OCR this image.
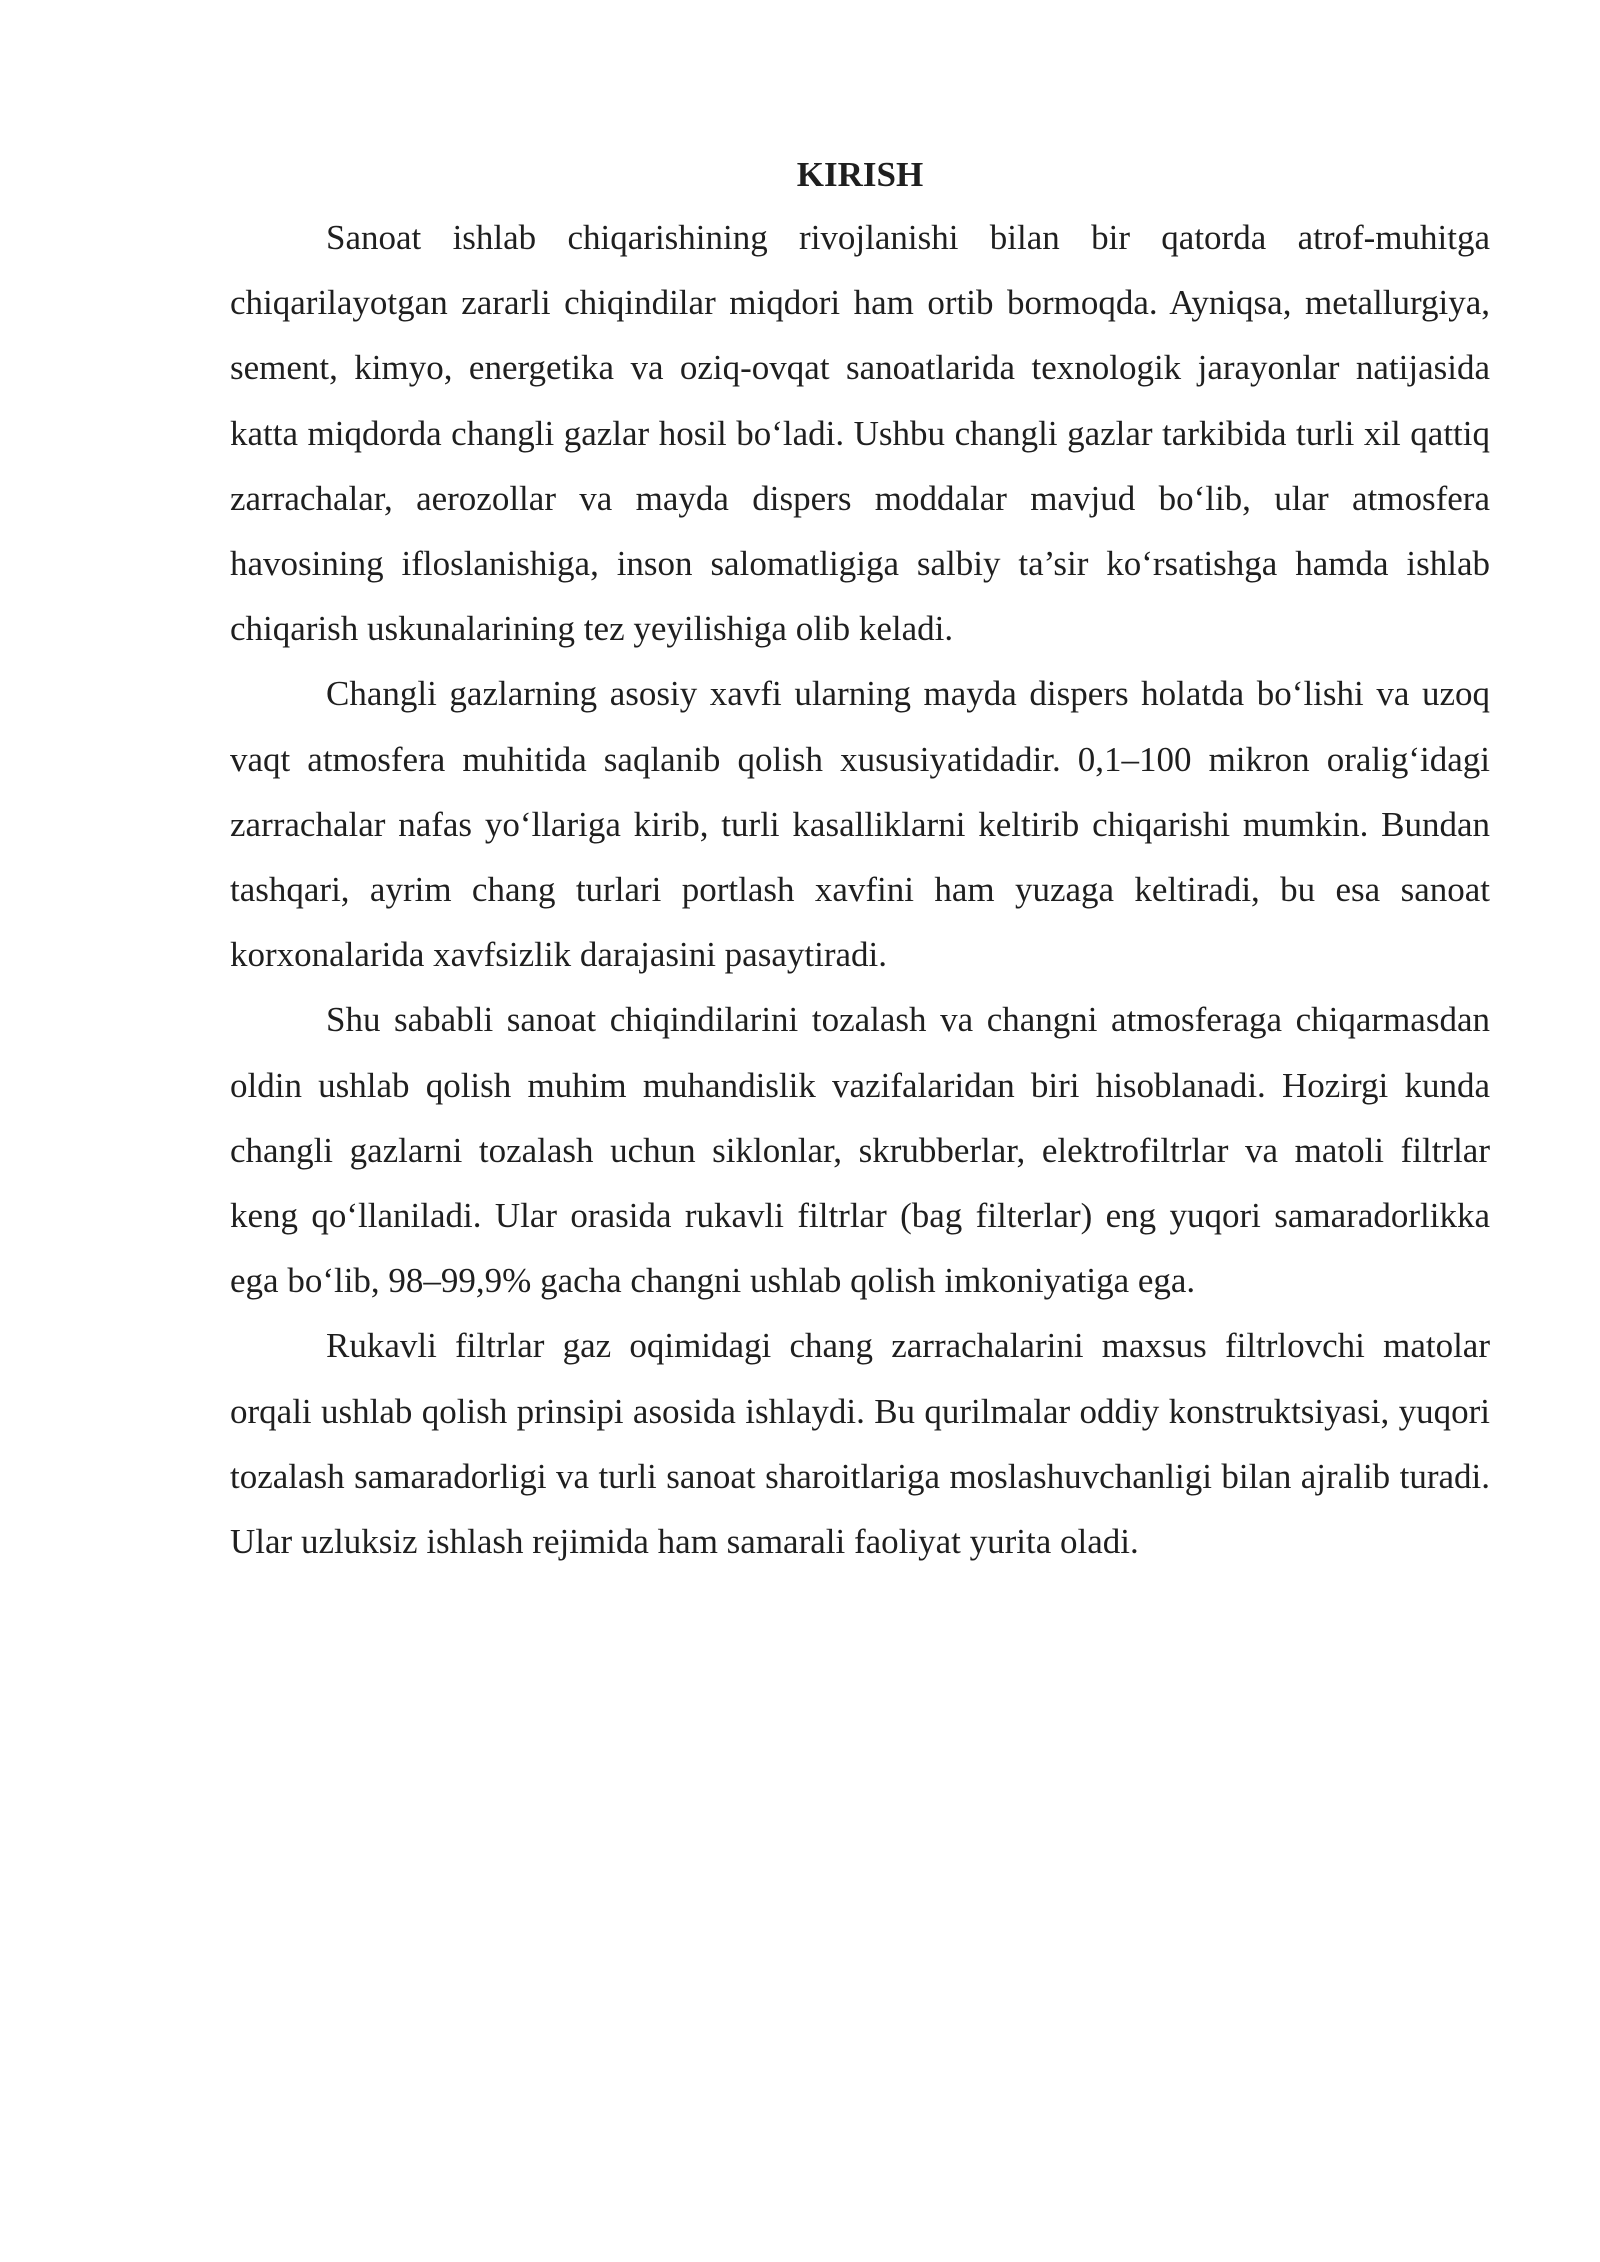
KIRISH

Sanoat ishlab chiqarishining rivojlanishi bilan bir qatorda atrof-muhitga chiqarilayotgan zararli chiqindilar miqdori ham ortib bormoqda. Ayniqsa, metallurgiya, sement, kimyo, energetika va oziq-ovqat sanoatlarida texnologik jarayonlar natijasida katta miqdorda changli gazlar hosil bo‘ladi. Ushbu changli gazlar tarkibida turli xil qattiq zarrachalar, aerozollar va mayda dispers moddalar mavjud bo‘lib, ular atmosfera havosining ifloslanishiga, inson salomatligiga salbiy ta’sir ko‘rsatishga hamda ishlab chiqarish uskunalarining tez yeyilishiga olib keladi.

Changli gazlarning asosiy xavfi ularning mayda dispers holatda bo‘lishi va uzoq vaqt atmosfera muhitida saqlanib qolish xususiyatidadir. 0,1–100 mikron oralig‘idagi zarrachalar nafas yo‘llariga kirib, turli kasalliklarni keltirib chiqarishi mumkin. Bundan tashqari, ayrim chang turlari portlash xavfini ham yuzaga keltiradi, bu esa sanoat korxonalarida xavfsizlik darajasini pasaytiradi.

Shu sababli sanoat chiqindilarini tozalash va changni atmosferaga chiqarmasdan oldin ushlab qolish muhim muhandislik vazifalaridan biri hisoblanadi. Hozirgi kunda changli gazlarni tozalash uchun siklonlar, skrubberlar, elektrofiltrlar va matoli filtrlar keng qo‘llaniladi. Ular orasida rukavli filtrlar (bag filterlar) eng yuqori samaradorlikka ega bo‘lib, 98–99,9% gacha changni ushlab qolish imkoniyatiga ega.

Rukavli filtrlar gaz oqimidagi chang zarrachalarini maxsus filtrlovchi matolar orqali ushlab qolish prinsipi asosida ishlaydi. Bu qurilmalar oddiy konstruktsiyasi, yuqori tozalash samaradorligi va turli sanoat sharoitlariga moslashuvchanligi bilan ajralib turadi. Ular uzluksiz ishlash rejimida ham samarali faoliyat yurita oladi.
